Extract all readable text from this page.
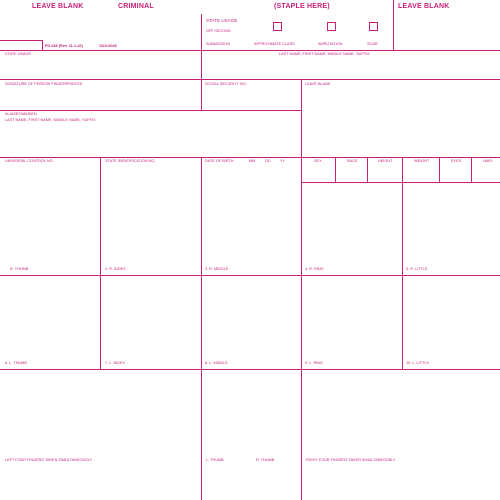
LEAVE BLANK	CRIMINAL	(STAPLE HERE)	LEAVE BLANK
STATE USAGE
NFF SECOND
SUBMISSION	APPROXIMATE CLASS	AMPUTATION	SCAR
FD-249 (Rev. 11-1-20)	1110-0046
STATE USAGE	LAST NAME, FIRST NAME, MIDDLE NAME, SUFFIX
SIGNATURE OF PERSON FINGERPRINTED	SOCIAL SECURITY NO.	LEAVE BLANK
ALIASES/MAIDEN
LAST NAME, FIRST NAME, MIDDLE NAME, SUFFIX
UNIVERSAL CONTROL NO.	STATE IDENTIFICATION NO.	DATE OF BIRTH	MM	DD	YY	SEX	RACE	HEIGHT	WEIGHT	EYES	HAIR
R. THUMB	2. R. INDEX	3. R. MIDDLE	4. R. RING	5. R. LITTLE
6. L. THUMB	7. L. INDEX	8. L. MIDDLE	9. L. RING	10. L. LITTLE
LEFT FOUR FINGERS TAKEN SIMULTANEOUSLY	L. THUMB	R. THUMB	RIGHT FOUR FINGERS TAKEN SIMULTANEOUSLY
